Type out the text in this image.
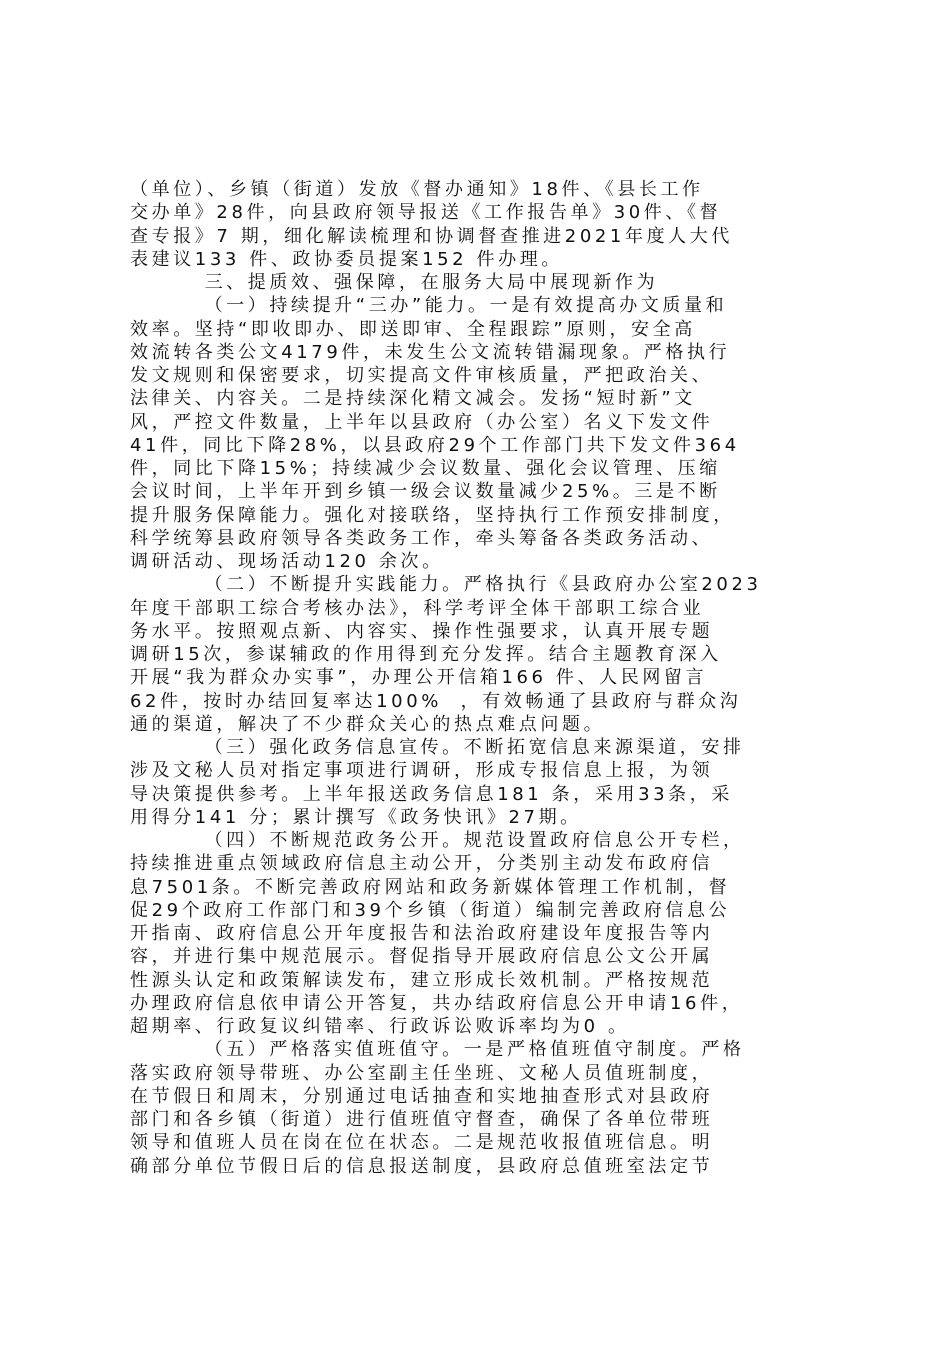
（单位）、乡镇（街道）发放《督办通知》18件、《县长工作
交办单》28件，向县政府领导报送《工作报告单》30件、《督
查专报》7 期，细化解读梳理和协调督查推进2021年度人大代
表建议133 件、政协委员提案152 件办理。
三、提质效、强保障，在服务大局中展现新作为
（一）持续提升“三办”能力。一是有效提高办文质量和
效率。坚持“即收即办、即送即审、全程跟踪”原则，安全高
效流转各类公文4179件，未发生公文流转错漏现象。严格执行
发文规则和保密要求，切实提高文件审核质量，严把政治关、
法律关、内容关。二是持续深化精文减会。发扬“短时新”文
风，严控文件数量，上半年以县政府（办公室）名义下发文件
41件，同比下降28%，以县政府29个工作部门共下发文件364
件，同比下降15%；持续减少会议数量、强化会议管理、压缩
会议时间，上半年开到乡镇一级会议数量减少25%。三是不断
提升服务保障能力。强化对接联络，坚持执行工作预安排制度，
科学统筹县政府领导各类政务工作，牵头筹备各类政务活动、
调研活动、现场活动120 余次。
（二）不断提升实践能力。严格执行《县政府办公室2023
年度干部职工综合考核办法》，科学考评全体干部职工综合业
务水平。按照观点新、内容实、操作性强要求，认真开展专题
调研15次，参谋辅政的作用得到充分发挥。结合主题教育深入
开展“我为群众办实事”，办理公开信箱166 件、人民网留言
62件，按时办结回复率达100%  ，有效畅通了县政府与群众沟
通的渠道，解决了不少群众关心的热点难点问题。
（三）强化政务信息宣传。不断拓宽信息来源渠道，安排
涉及文秘人员对指定事项进行调研，形成专报信息上报，为领
导决策提供参考。上半年报送政务信息181 条，采用33条，采
用得分141 分；累计撰写《政务快讯》27期。
（四）不断规范政务公开。规范设置政府信息公开专栏，
持续推进重点领域政府信息主动公开，分类别主动发布政府信
息7501条。不断完善政府网站和政务新媒体管理工作机制，督
促29个政府工作部门和39个乡镇（街道）编制完善政府信息公
开指南、政府信息公开年度报告和法治政府建设年度报告等内
容，并进行集中规范展示。督促指导开展政府信息公文公开属
性源头认定和政策解读发布，建立形成长效机制。严格按规范
办理政府信息依申请公开答复，共办结政府信息公开申请16件，
超期率、行政复议纠错率、行政诉讼败诉率均为0 。
（五）严格落实值班值守。一是严格值班值守制度。严格
落实政府领导带班、办公室副主任坐班、文秘人员值班制度，
在节假日和周末，分别通过电话抽查和实地抽查形式对县政府
部门和各乡镇（街道）进行值班值守督查，确保了各单位带班
领导和值班人员在岗在位在状态。二是规范收报值班信息。明
确部分单位节假日后的信息报送制度，县政府总值班室法定节
